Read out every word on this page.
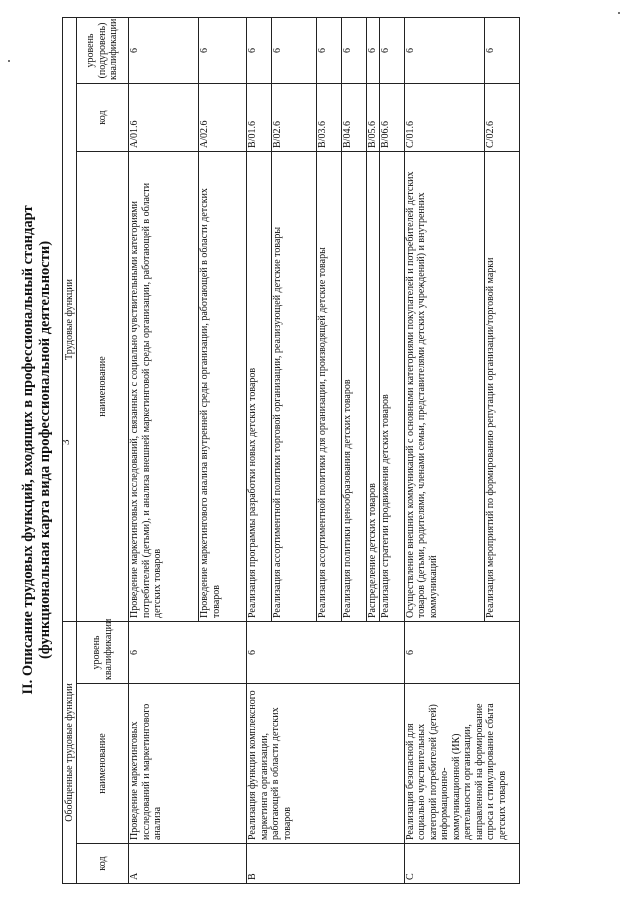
3
II. Описание трудовых функций, входящих в профессиональный стандарт (функциональная карта вида профессиональной деятельности)
Обобщенные трудовые функции			Трудовые функции		
код	наименование	уровень квалификации	наименование	код	уровень (подуровень) квалификации
A	Проведение маркетинговых исследований и маркетингового анализа	6	Проведение маркетинговых исследований, связанных с социально чувствительными категориями потребителей (детьми), и анализа внешней маркетинговой среды организации, работающей в области детских товаров	A/01.6	6
			Проведение маркетингового анализа внутренней среды организации, работающей в области детских товаров	A/02.6	6
B	Реализация функции комплексного маркетинга организации, работающей в области детских товаров	6	Реализация программы разработки новых детских товаров	B/01.6	6
			Реализация ассортиментной политики торговой организации, реализующей детские товары	B/02.6	6
			Реализация ассортиментной политики для организации, производящей детские товары	B/03.6	6
			Реализация политики ценообразования детских товаров	B/04.6	6
			Распределение детских товаров	B/05.6	6
			Реализация стратегии продвижения детских товаров	B/06.6	6
C	Реализация безопасной для социально чувствительных категорий потребителей (детей) информационно-коммуникационной (ИК) деятельности организации, направленной на формирование спроса и стимулирование сбыта детских товаров	6	Осуществление внешних коммуникаций с основными категориями покупателей и потребителей детских товаров (детьми, родителями, членами семьи, представителями детских учреждений) и внутренних коммуникаций	C/01.6	6
			Реализация мероприятий по формированию репутации организации/торговой марки	C/02.6	6
